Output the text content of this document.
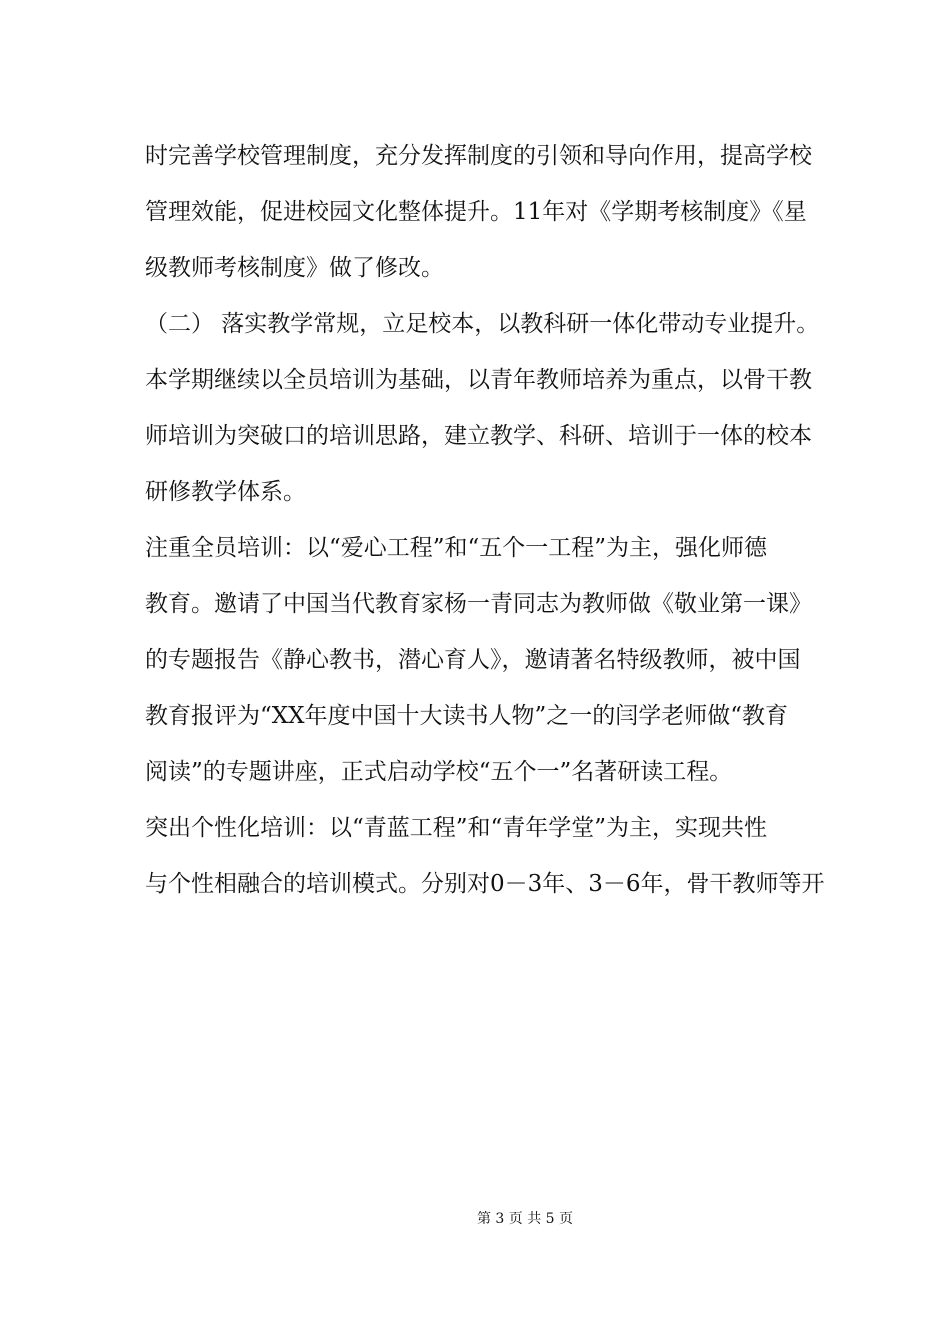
时完善学校管理制度，充分发挥制度的引领和导向作用，提高学校
管理效能，促进校园文化整体提升。11年对《学期考核制度》《星
级教师考核制度》做了修改。
（二） 落实教学常规，立足校本，以教科研一体化带动专业提升。
本学期继续以全员培训为基础，以青年教师培养为重点，以骨干教
师培训为突破口的培训思路，建立教学、科研、培训于一体的校本
研修教学体系。
注重全员培训：以“爱心工程”和“五个一工程”为主，强化师德
教育。邀请了中国当代教育家杨一青同志为教师做《敬业第一课》
的专题报告《静心教书，潜心育人》，邀请著名特级教师，被中国
教育报评为“XX年度中国十大读书人物”之一的闫学老师做“教育
阅读”的专题讲座，正式启动学校“五个一”名著研读工程。
突出个性化培训：以“青蓝工程”和“青年学堂”为主，实现共性
与个性相融合的培训模式。分别对0－3年、3－6年，骨干教师等开
第 3 页 共 5 页
